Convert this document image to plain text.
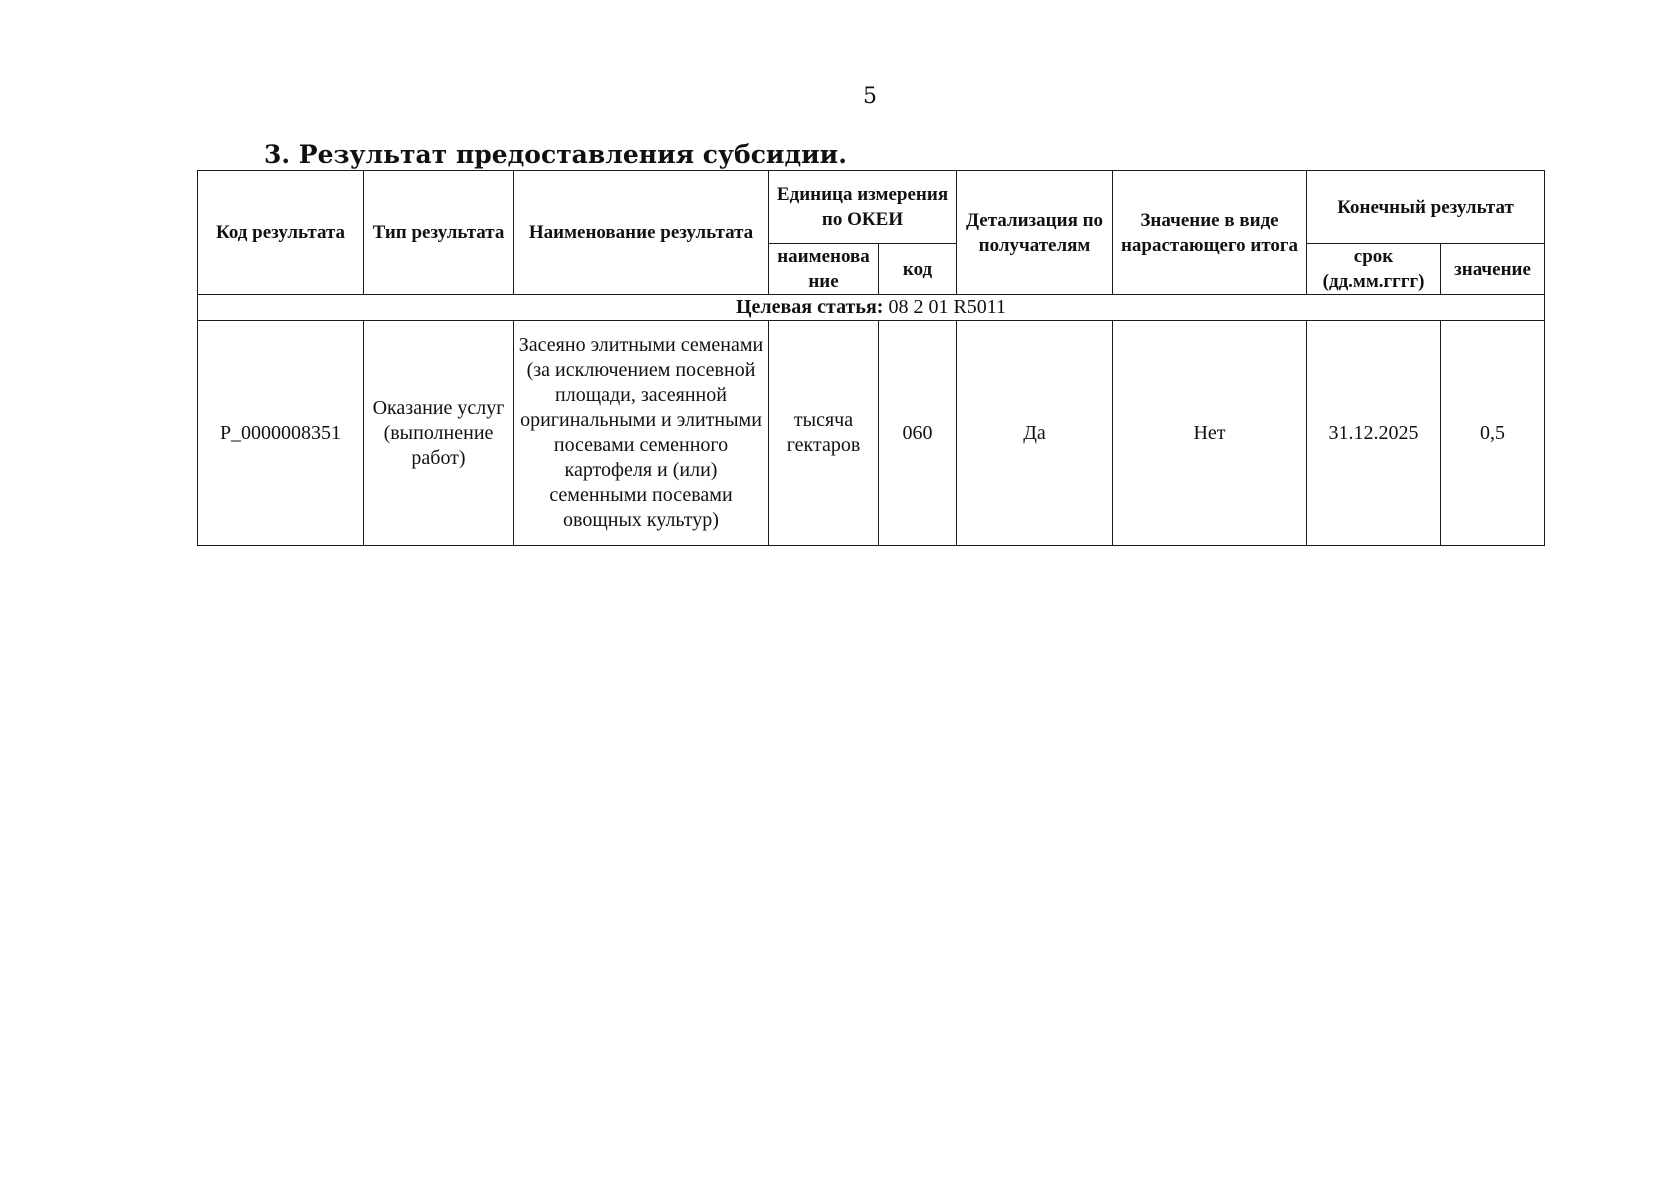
5
3. Результат предоставления субсидии.
Код результата	Тип результата	Наименование результата	Единица измерения по ОКЕИ		Детализация по получателям	Значение в виде нарастающего итога	Конечный результат	
			наименова ние	код			срок (дд.мм.гггг)	значение
Целевая статья: 08 2 01 R5011								
P_0000008351	Оказание услуг (выполнение работ)	Засеяно элитными семенами (за исключением посевной площади, засеянной оригинальными и элитными посевами семенного картофеля и (или) семенными посевами овощных культур)	тысяча гектаров	060	Да	Нет	31.12.2025	0,5
